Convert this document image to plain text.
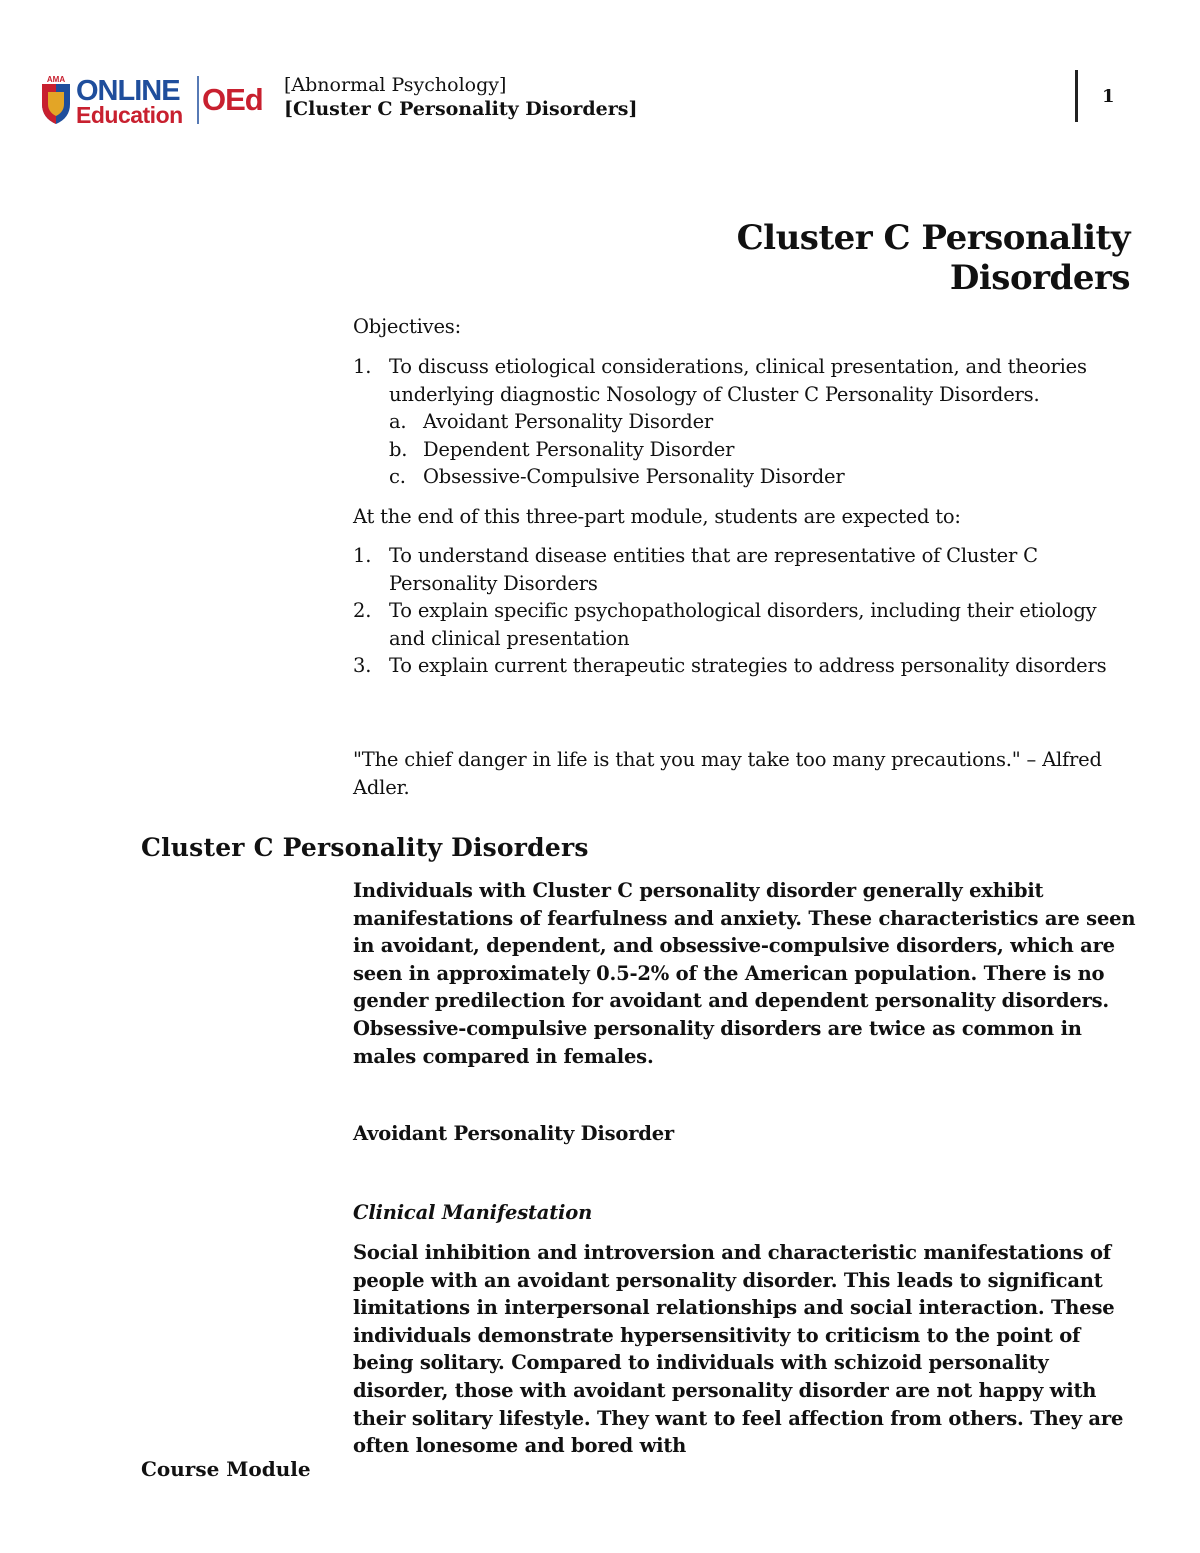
AMA ONLINE
Education OEd [Abnormal Psychology]
[Cluster C Personality Disorders]
1
Cluster C Personality Disorders
Objectives:
1. To discuss etiological considerations, clinical presentation, and theories underlying diagnostic Nosology of Cluster C Personality Disorders.
a. Avoidant Personality Disorder
b. Dependent Personality Disorder
c. Obsessive-Compulsive Personality Disorder
At the end of this three-part module, students are expected to:
1. To understand disease entities that are representative of Cluster C Personality Disorders
2. To explain specific psychopathological disorders, including their etiology and clinical presentation
3. To explain current therapeutic strategies to address personality disorders
"The chief danger in life is that you may take too many precautions." – Alfred Adler.
Cluster C Personality Disorders
Individuals with Cluster C personality disorder generally exhibit manifestations of fearfulness and anxiety. These characteristics are seen in avoidant, dependent, and obsessive-compulsive disorders, which are seen in approximately 0.5-2% of the American population. There is no gender predilection for avoidant and dependent personality disorders. Obsessive-compulsive personality disorders are twice as common in males compared in females.
Avoidant Personality Disorder
Clinical Manifestation
Social inhibition and introversion and characteristic manifestations of people with an avoidant personality disorder. This leads to significant limitations in interpersonal relationships and social interaction. These individuals demonstrate hypersensitivity to criticism to the point of being solitary. Compared to individuals with schizoid personality disorder, those with avoidant personality disorder are not happy with their solitary lifestyle. They want to feel affection from others. They are often lonesome and bored with
Course Module
